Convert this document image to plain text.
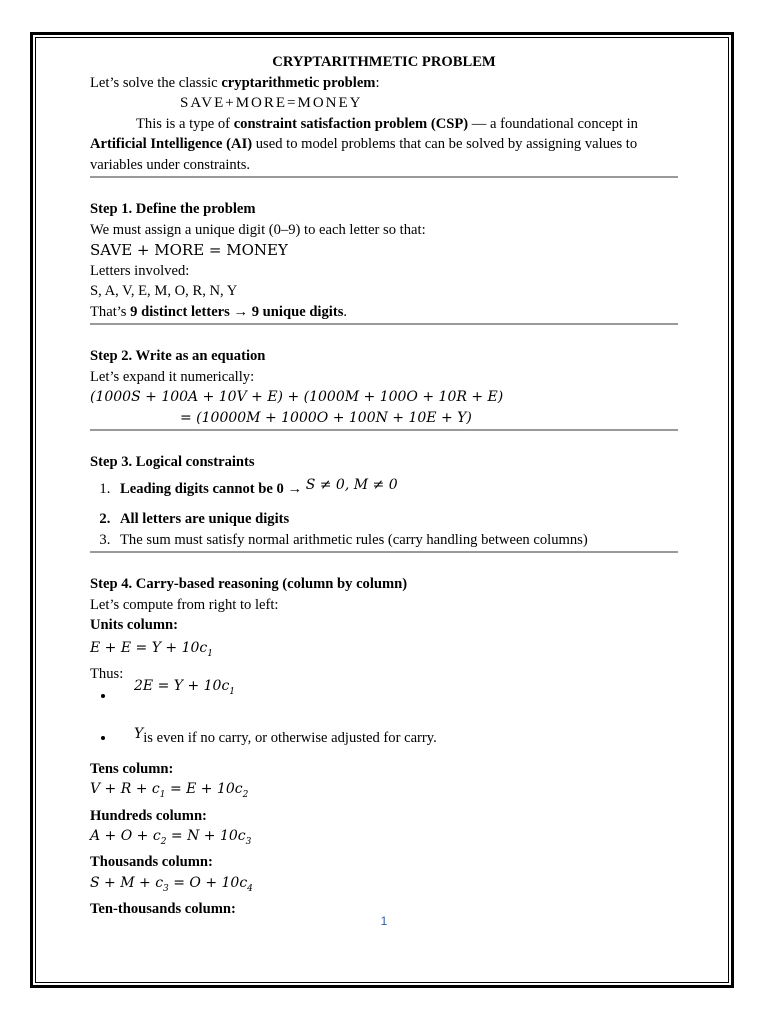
CRYPTARITHMETIC PROBLEM

Let’s solve the classic cryptarithmetic problem:

SAVE+MORE=MONEY

This is a type of constraint satisfaction problem (CSP) — a foundational concept in Artificial Intelligence (AI) used to model problems that can be solved by assigning values to variables under constraints.

Step 1. Define the problem

We must assign a unique digit (0–9) to each letter so that:

SAVE + MORE = MONEY

Letters involved:

S, A, V, E, M, O, R, N, Y

That’s 9 distinct letters → 9 unique digits.

Step 2. Write as an equation

Let’s expand it numerically:

(1000S + 100A + 10V + E) + (1000M + 100O + 10R + E)

= (10000M + 1000O + 100N + 10E + Y)

Step 3. Logical constraints

1. Leading digits cannot be 0 → S ≠ 0, M ≠ 0
2. All letters are unique digits
3. The sum must satisfy normal arithmetic rules (carry handling between columns)

Step 4. Carry-based reasoning (column by column)

Let’s compute from right to left:

Units column:

$E + E = Y + 10c_1$

Thus:

• $2E = Y + 10c_1$
• Yis even if no carry, or otherwise adjusted for carry.

Tens column:

$V + R + c_1 = E + 10c_2$

Hundreds column:

$A + O + c_2 = N + 10c_3$

Thousands column:

$S + M + c_3 = O + 10c_4$

Ten-thousands column:

1
